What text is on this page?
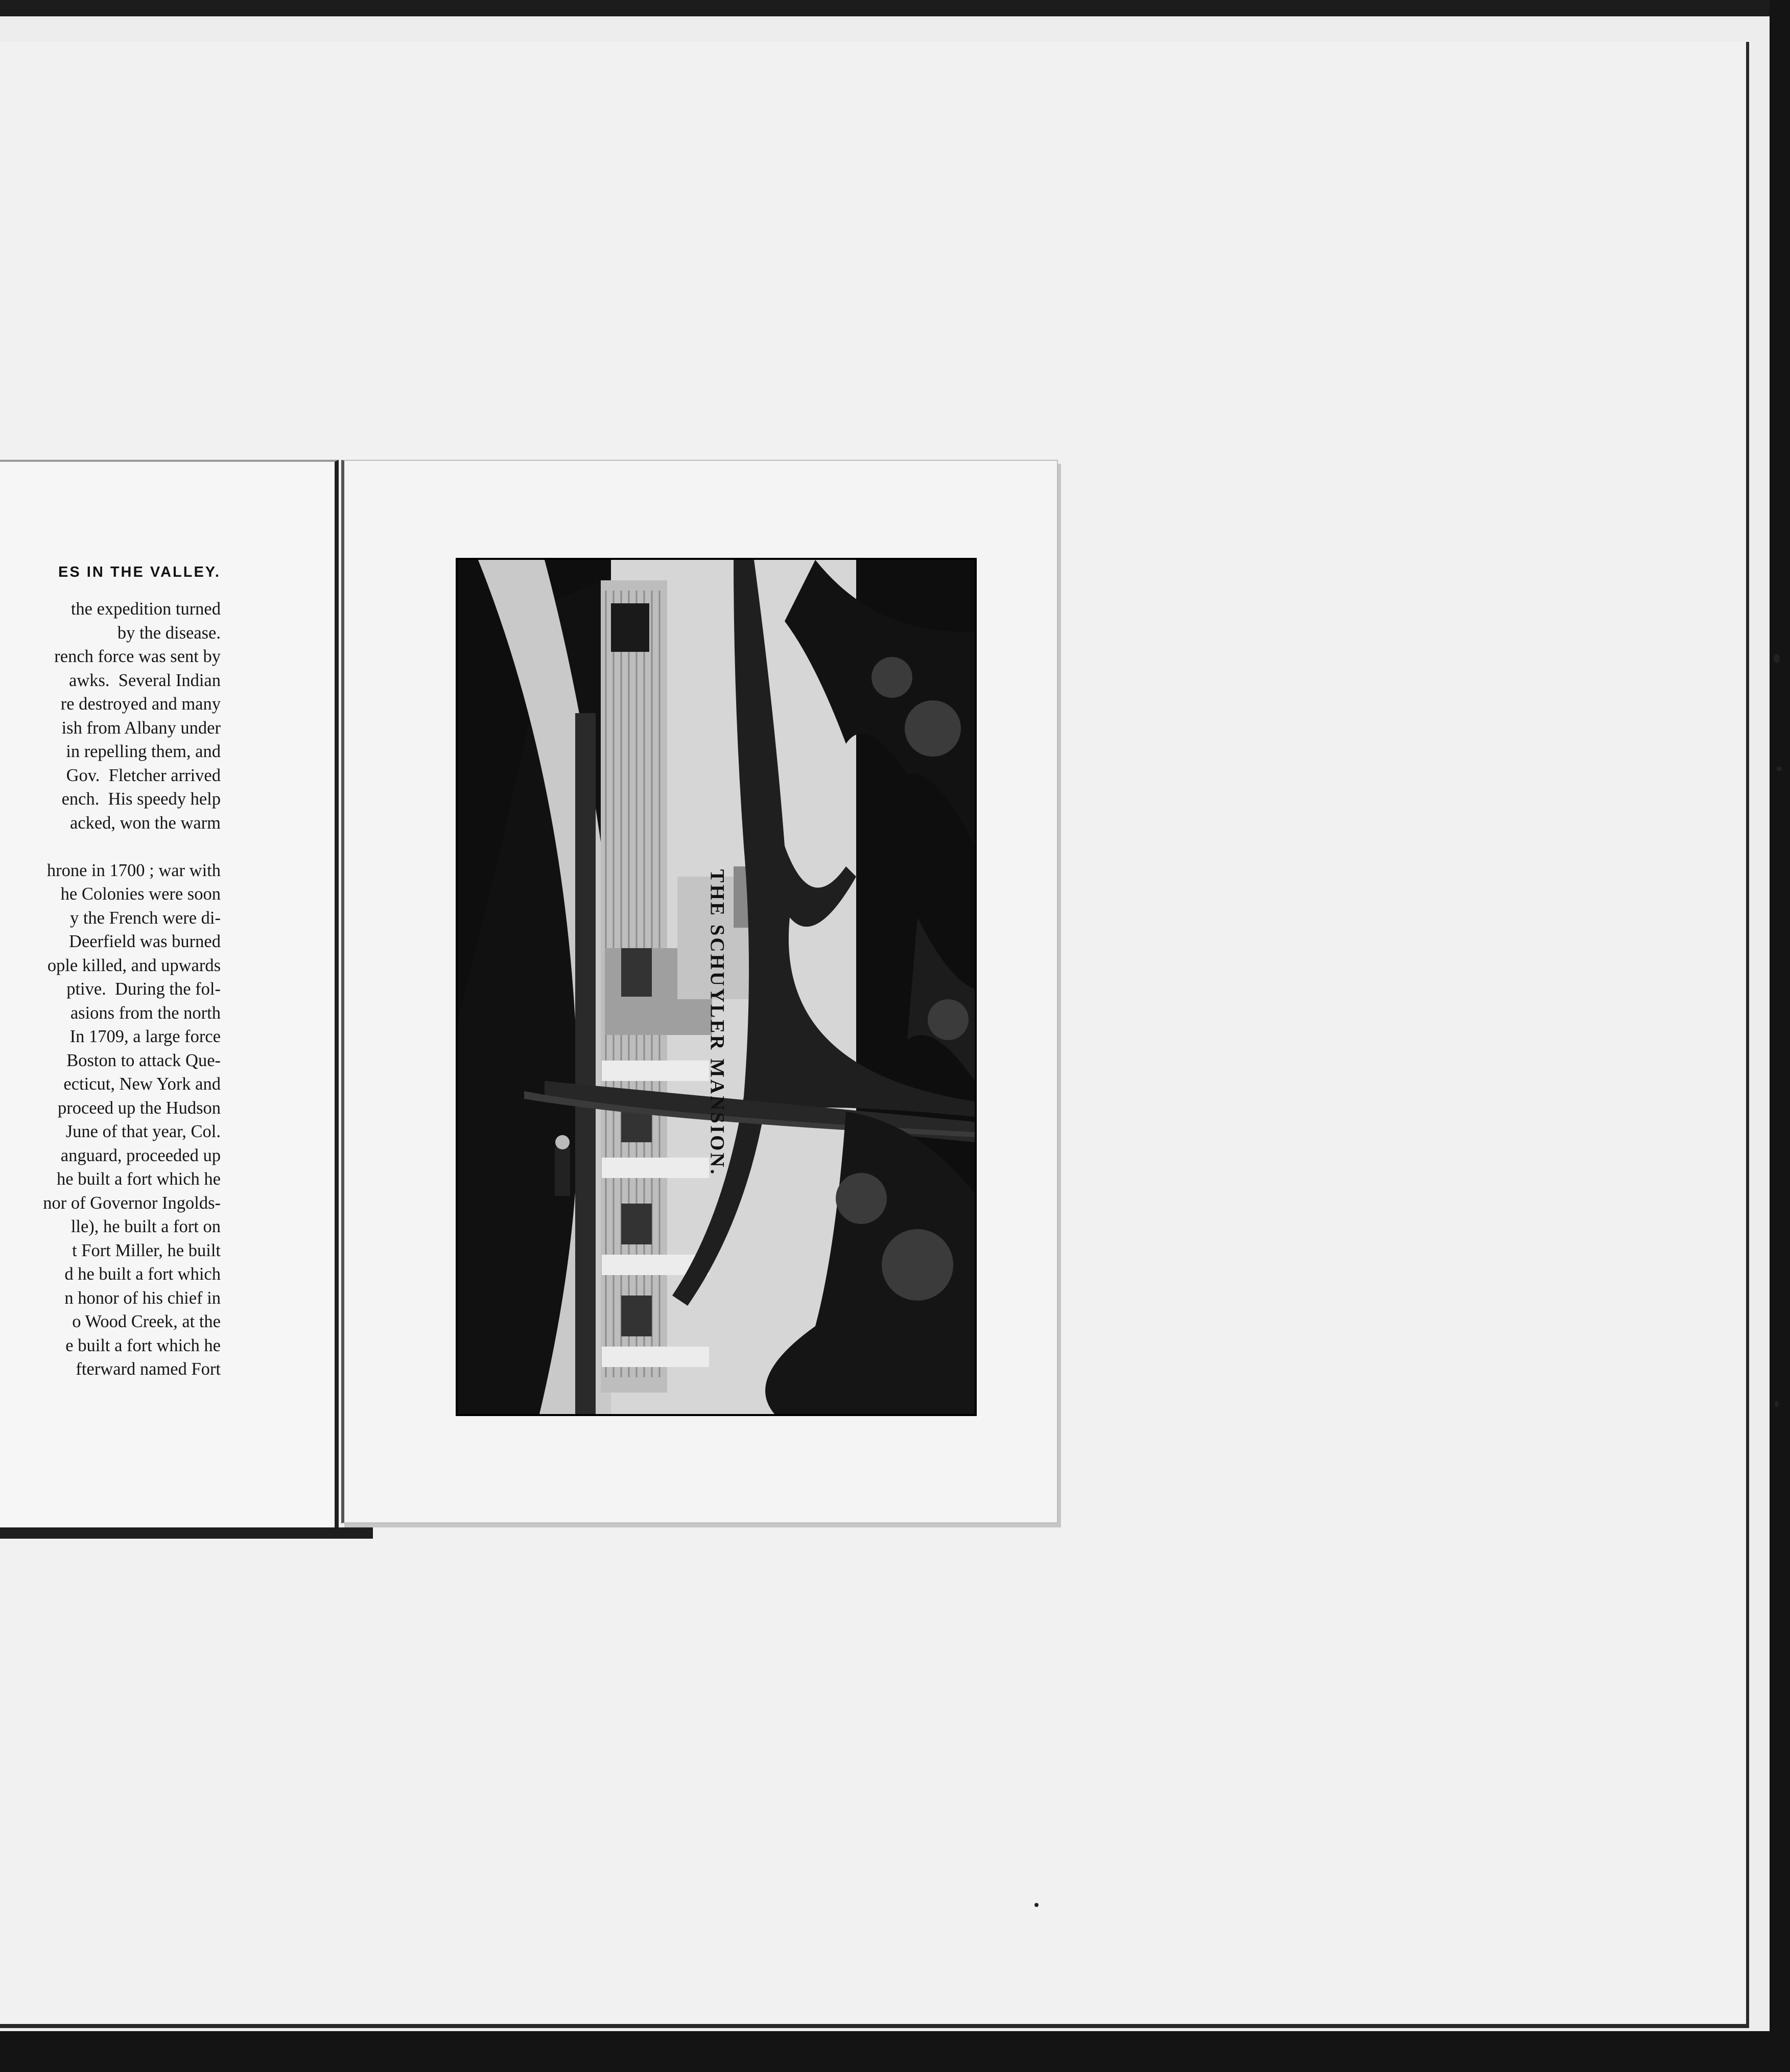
ES IN THE VALLEY.

the expedition turned
by the disease.
rench force was sent by
awks.  Several Indian
re destroyed and many
ish from Albany under
in repelling them, and
Gov.  Fletcher arrived
ench.  His speedy help
acked, won the warm
hrone in 1700 ; war with
he Colonies were soon
y the French were di-
Deerfield was burned
ople killed, and upwards
ptive.  During the fol-
asions from the north
In 1709, a large force
Boston to attack Que-
ecticut, New York and
proceed up the Hudson
June of that year, Col.
anguard, proceeded up
he built a fort which he
nor of Governor Ingolds-
lle), he built a fort on
t Fort Miller, he built
d he built a fort which
n honor of his chief in
o Wood Creek, at the
e built a fort which he
fterward named Fort
THE SCHUYLER MANSION.
